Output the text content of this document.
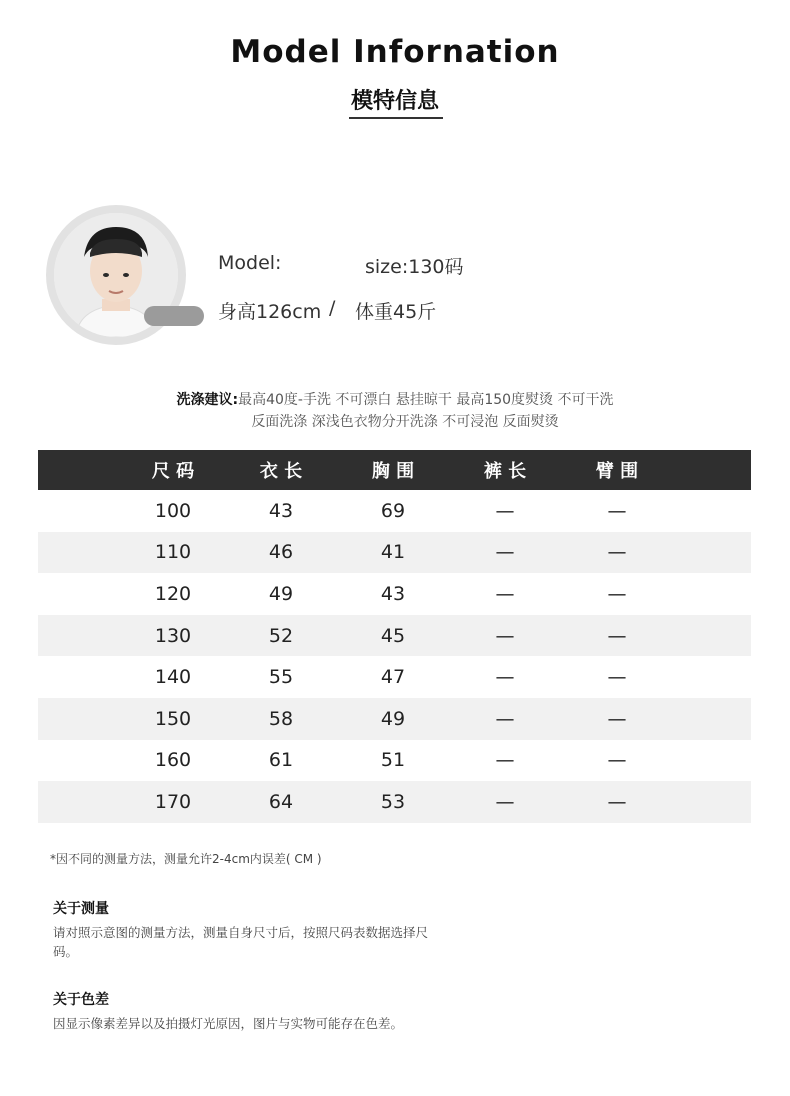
Model Infornation
模特信息
Model:	size:130码
身高126cm / 体重45斤
洗涤建议:最高40度-手洗 不可漂白 悬挂晾干 最高150度熨烫 不可干洗
反面洗涤 深浅色衣物分开洗涤 不可浸泡 反面熨烫
尺 码	衣 长	胸 围	裤 长	臂 围
100	43	69	—	—
110	46	41	—	—
120	49	43	—	—
130	52	45	—	—
140	55	47	—	—
150	58	49	—	—
160	61	51	—	—
170	64	53	—	—
*因不同的测量方法，测量允许2-4cm内误差( CM )
关于测量
请对照示意图的测量方法，测量自身尺寸后，按照尺码表数据选择尺码。
关于色差
因显示像素差异以及拍摄灯光原因，图片与实物可能存在色差。
